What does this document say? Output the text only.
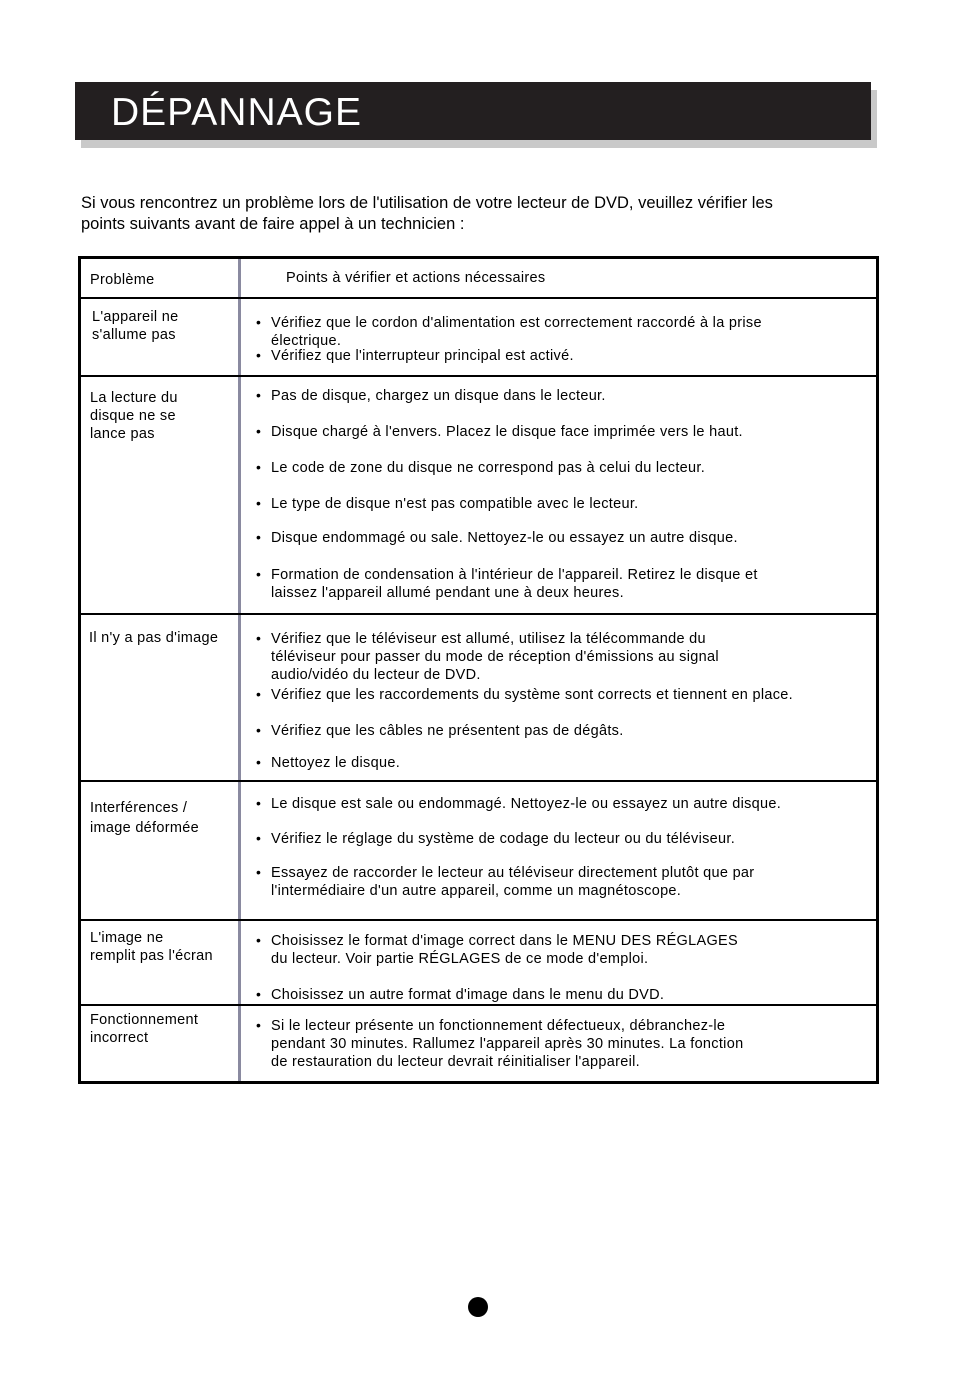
DÉPANNAGE

Si vous rencontrez un problème lors de l'utilisation de votre lecteur de DVD, veuillez vérifier les

points suivants avant de faire appel à un technicien :

Problème	Points à vérifier et actions nécessaires

L'appareil ne

s'allume pas

• Vérifiez que le cordon d'alimentation est correctement raccordé à la prise

électrique.

• Vérifiez que l'interrupteur principal est activé.

La lecture du

disque ne se

lance pas

• Pas de disque, chargez un disque dans le lecteur.

• Disque chargé à l'envers. Placez le disque face imprimée vers le haut.

• Le code de zone du disque ne correspond pas à celui du lecteur.

• Le type de disque n'est pas compatible avec le lecteur.

• Disque endommagé ou sale. Nettoyez-le ou essayez un autre disque.

• Formation de condensation à l'intérieur de l'appareil. Retirez le disque et

laissez l'appareil allumé pendant une à deux heures.

Il n'y a pas d'image	• Vérifiez que le téléviseur est allumé, utilisez la télécommande du

téléviseur pour passer du mode de réception d'émissions au signal

audio/vidéo du lecteur de DVD.

• Vérifiez que les raccordements du système sont corrects et tiennent en place.

• Vérifiez que les câbles ne présentent pas de dégâts.

• Nettoyez le disque.

Interférences /

image déformée

• Le disque est sale ou endommagé. Nettoyez-le ou essayez un autre disque.

• Vérifiez le réglage du système de codage du lecteur ou du téléviseur.

• Essayez de raccorder le lecteur au téléviseur directement plutôt que par

l'intermédiaire d'un autre appareil, comme un magnétoscope.

L'image ne

remplit pas l'écran

• Choisissez le format d'image correct dans le MENU DES RÉGLAGES

du lecteur. Voir partie RÉGLAGES de ce mode d'emploi.

• Choisissez un autre format d'image dans le menu du DVD.

Fonctionnement

incorrect

• Si le lecteur présente un fonctionnement défectueux, débranchez-le

pendant 30 minutes. Rallumez l'appareil après 30 minutes. La fonction

de restauration du lecteur devrait réinitialiser l'appareil.
